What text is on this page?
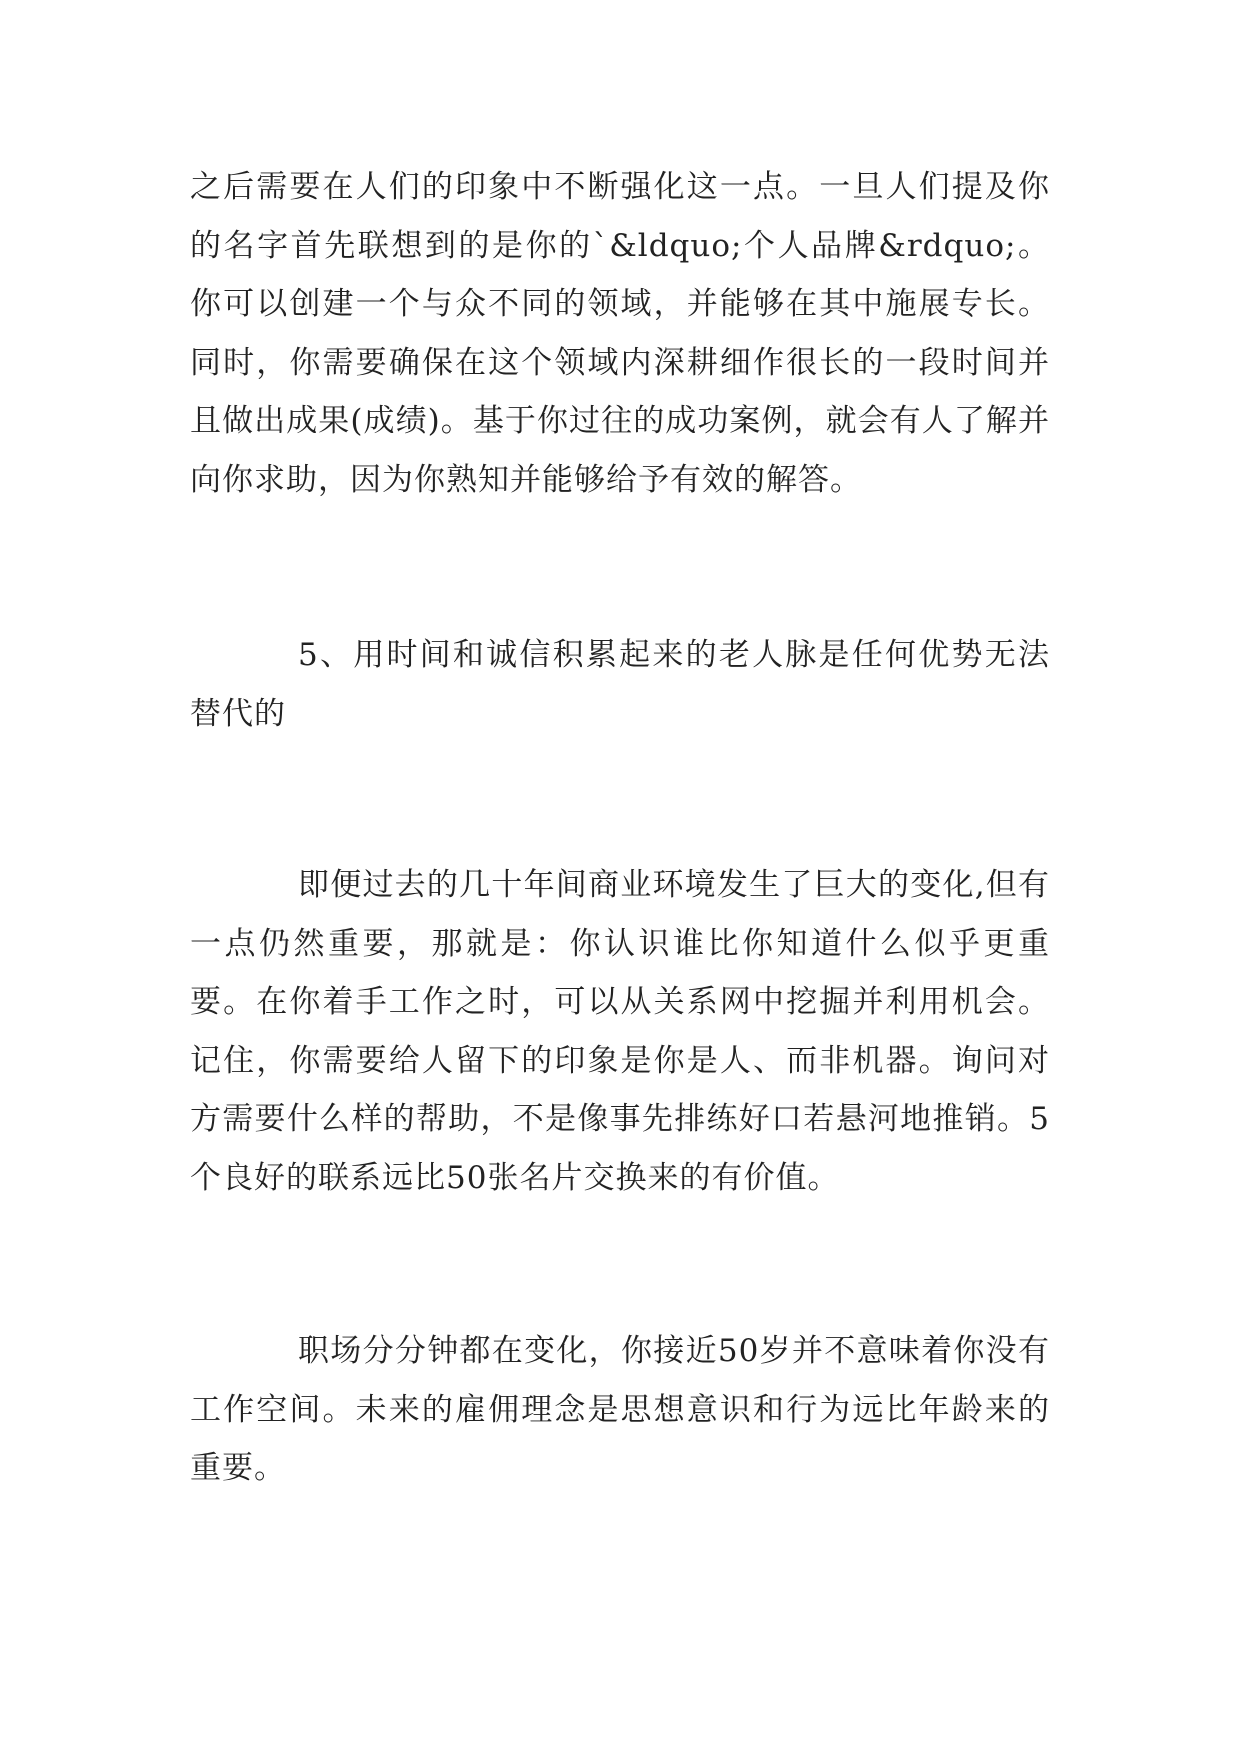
之后需要在人们的印象中不断强化这一点。一旦人们提及你的名字首先联想到的是你的`&ldquo;个人品牌&rdquo;。你可以创建一个与众不同的领域，并能够在其中施展专长。同时，你需要确保在这个领域内深耕细作很长的一段时间并且做出成果(成绩)。基于你过往的成功案例，就会有人了解并向你求助，因为你熟知并能够给予有效的解答。

5、用时间和诚信积累起来的老人脉是任何优势无法替代的

即便过去的几十年间商业环境发生了巨大的变化,但有一点仍然重要，那就是：你认识谁比你知道什么似乎更重要。在你着手工作之时，可以从关系网中挖掘并利用机会。记住，你需要给人留下的印象是你是人、而非机器。询问对方需要什么样的帮助，不是像事先排练好口若悬河地推销。5个良好的联系远比50张名片交换来的有价值。

职场分分钟都在变化，你接近50岁并不意味着你没有工作空间。未来的雇佣理念是思想意识和行为远比年龄来的重要。
